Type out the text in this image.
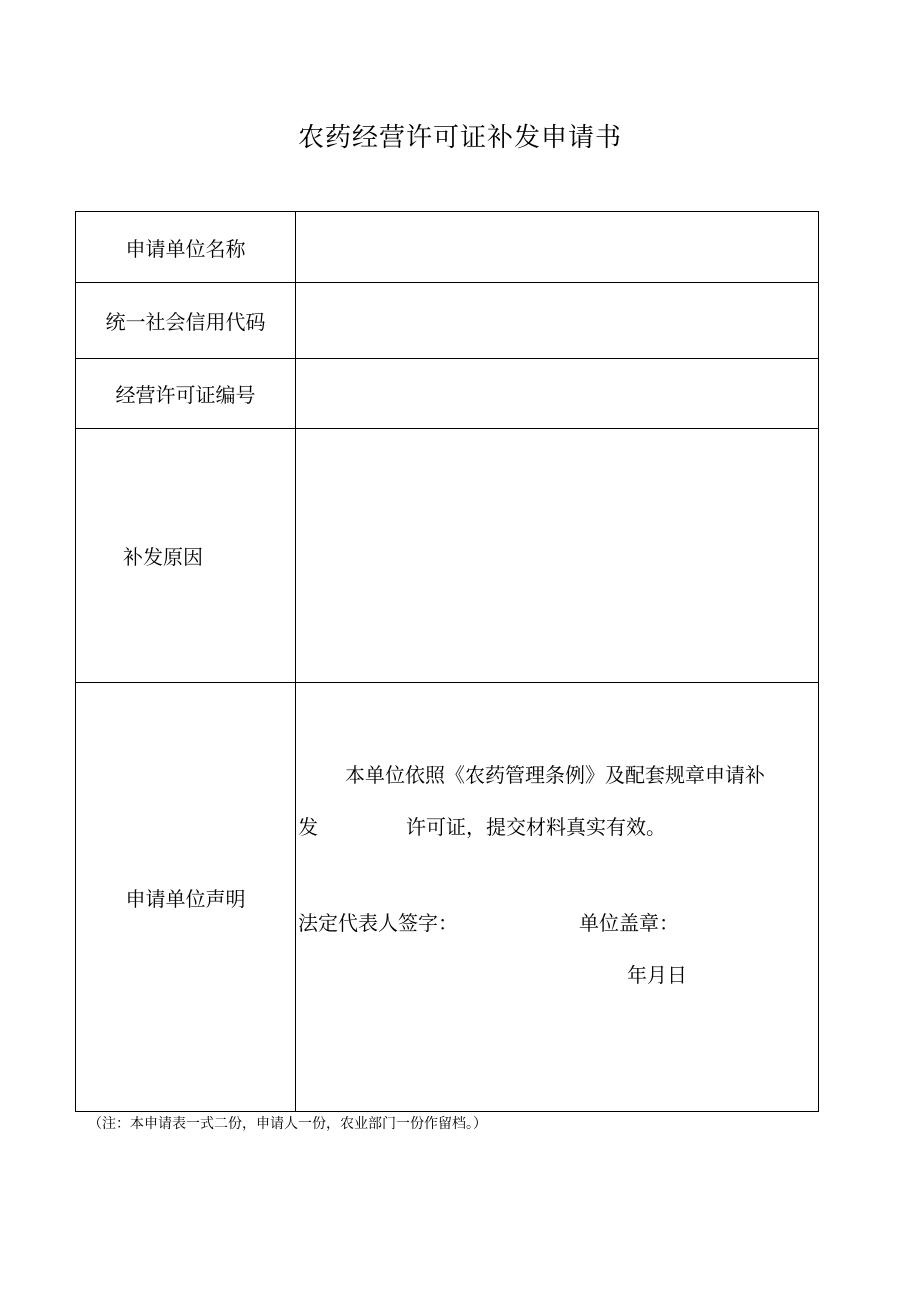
农药经营许可证补发申请书
申请单位名称
统一社会信用代码
经营许可证编号
补发原因
申请单位声明
本单位依照《农药管理条例》及配套规章申请补
发	许可证，提交材料真实有效。
法定代表人签字：	单位盖章：
年月日
（注：本申请表一式二份，申请人一份，农业部门一份作留档。）
